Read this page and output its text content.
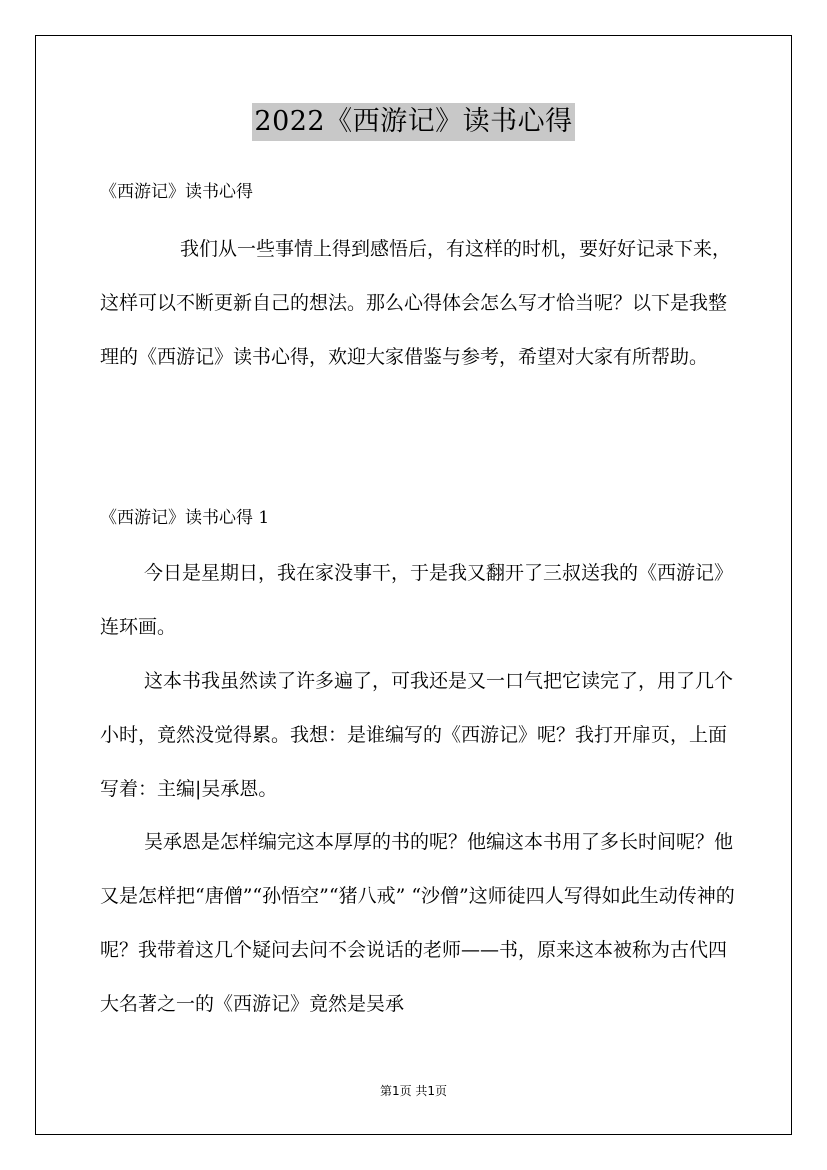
2022《西游记》读书心得
《西游记》读书心得

我们从一些事情上得到感悟后，有这样的时机，要好好记录下来，这样可以不断更新自己的想法。那么心得体会怎么写才恰当呢？以下是我整理的《西游记》读书心得，欢迎大家借鉴与参考，希望对大家有所帮助。

《西游记》读书心得 1

今日是星期日，我在家没事干，于是我又翻开了三叔送我的《西游记》连环画。

这本书我虽然读了许多遍了，可我还是又一口气把它读完了，用了几个小时，竟然没觉得累。我想：是谁编写的《西游记》呢？我打开扉页，上面写着：主编|吴承恩。

吴承恩是怎样编完这本厚厚的书的呢？他编这本书用了多长时间呢？他又是怎样把“唐僧”“孙悟空”“猪八戒” “沙僧”这师徒四人写得如此生动传神的呢？我带着这几个疑问去问不会说话的老师——书，原来这本被称为古代四大名著之一的《西游记》竟然是吴承

第1页 共1页
